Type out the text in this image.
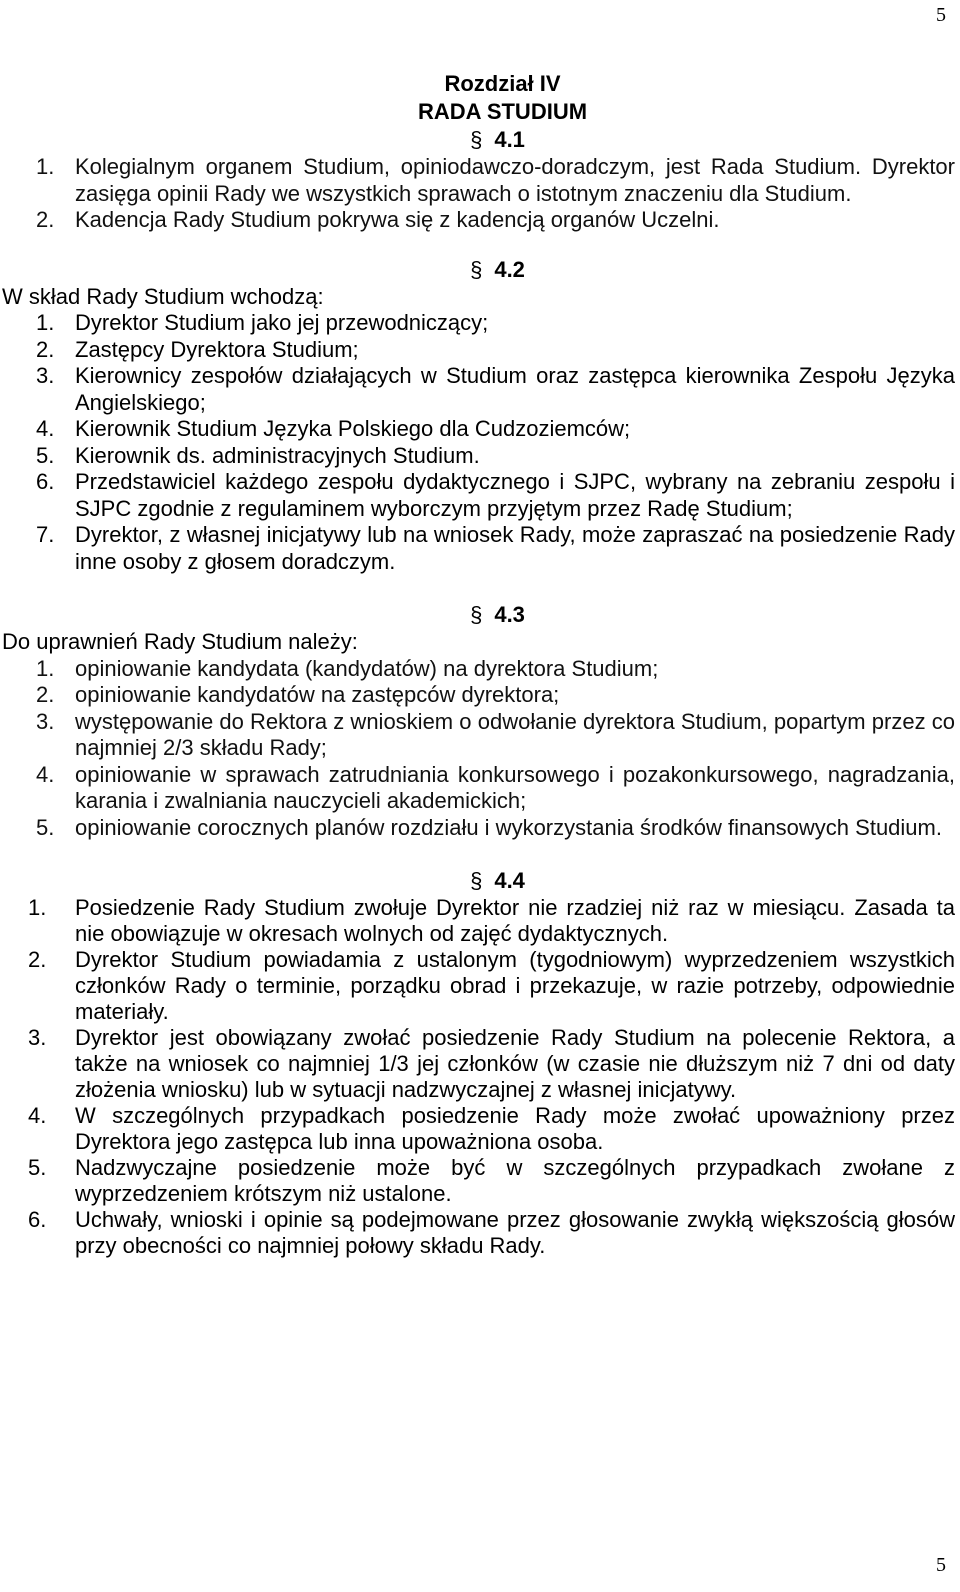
5
Rozdział IV
RADA STUDIUM
§ 4.1
1. Kolegialnym organem Studium, opiniodawczo-doradczym, jest Rada Studium. Dyrektor zasięga opinii Rady we wszystkich sprawach o istotnym znaczeniu dla Studium.
2. Kadencja Rady Studium pokrywa się z kadencją organów Uczelni.
§ 4.2
W skład Rady Studium wchodzą:
1. Dyrektor Studium jako jej przewodniczący;
2. Zastępcy Dyrektora Studium;
3. Kierownicy zespołów działających w Studium oraz zastępca kierownika Zespołu Języka Angielskiego;
4. Kierownik Studium Języka Polskiego dla Cudzoziemców;
5. Kierownik ds. administracyjnych Studium.
6. Przedstawiciel każdego zespołu dydaktycznego i SJPC, wybrany na zebraniu zespołu i SJPC zgodnie z regulaminem wyborczym przyjętym przez Radę Studium;
7. Dyrektor, z własnej inicjatywy lub na wniosek Rady, może zapraszać na posiedzenie Rady inne osoby z głosem doradczym.
§ 4.3
Do uprawnień Rady Studium należy:
1. opiniowanie kandydata (kandydatów) na dyrektora Studium;
2. opiniowanie kandydatów na zastępców dyrektora;
3. występowanie do Rektora z wnioskiem o odwołanie dyrektora Studium, popartym przez co najmniej 2/3 składu Rady;
4. opiniowanie w sprawach zatrudniania konkursowego i pozakonkursowego, nagradzania, karania i zwalniania nauczycieli akademickich;
5. opiniowanie corocznych planów rozdziału i wykorzystania środków finansowych Studium.
§ 4.4
1. Posiedzenie Rady Studium zwołuje Dyrektor nie rzadziej niż raz w miesiącu. Zasada ta nie obowiązuje w okresach wolnych od zajęć dydaktycznych.
2. Dyrektor Studium powiadamia z ustalonym (tygodniowym) wyprzedzeniem wszystkich członków Rady o terminie, porządku obrad i przekazuje, w razie potrzeby, odpowiednie materiały.
3. Dyrektor jest obowiązany zwołać posiedzenie Rady Studium na polecenie Rektora, a także na wniosek co najmniej 1/3 jej członków (w czasie nie dłuższym niż 7 dni od daty złożenia wniosku) lub w sytuacji nadzwyczajnej z własnej inicjatywy.
4. W szczególnych przypadkach posiedzenie Rady może zwołać upoważniony przez Dyrektora jego zastępca lub inna upoważniona osoba.
5. Nadzwyczajne posiedzenie może być w szczególnych przypadkach zwołane z wyprzedzeniem krótszym niż ustalone.
6. Uchwały, wnioski i opinie są podejmowane przez głosowanie zwykłą większością głosów przy obecności co najmniej połowy składu Rady.
5
